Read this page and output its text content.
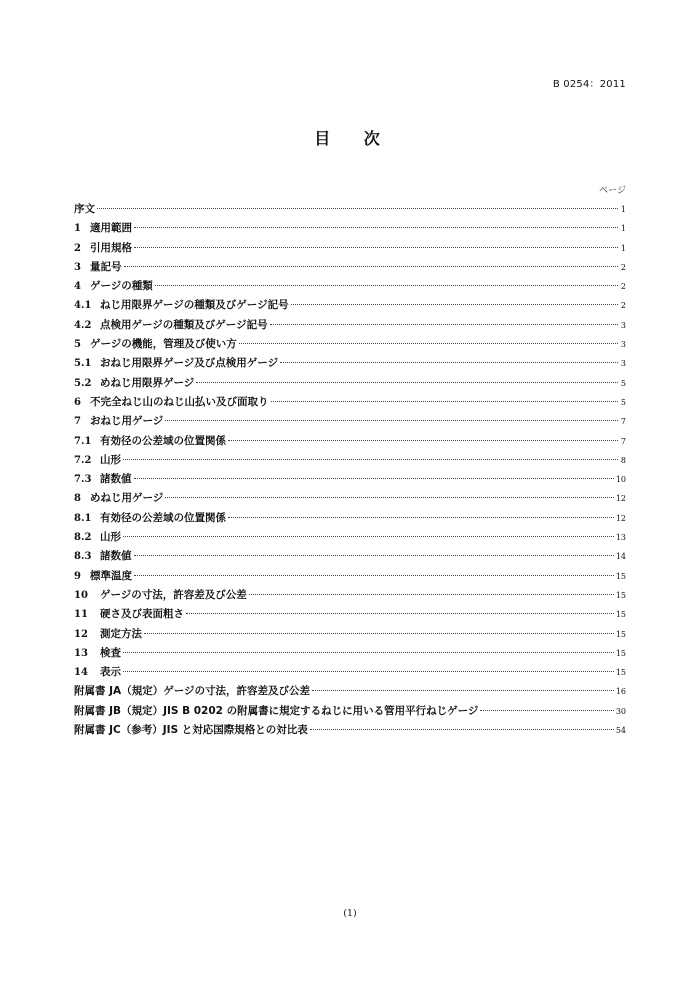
B 0254：2011
目 次
ページ
序文	1
1 適用範囲	1
2 引用規格	1
3 量記号	2
4 ゲージの種類	2
4.1 ねじ用限界ゲージの種類及びゲージ記号	2
4.2 点検用ゲージの種類及びゲージ記号	3
5 ゲージの機能，管理及び使い方	3
5.1 おねじ用限界ゲージ及び点検用ゲージ	3
5.2 めねじ用限界ゲージ	5
6 不完全ねじ山のねじ山払い及び面取り	5
7 おねじ用ゲージ	7
7.1 有効径の公差域の位置関係	7
7.2 山形	8
7.3 諸数値	10
8 めねじ用ゲージ	12
8.1 有効径の公差域の位置関係	12
8.2 山形	13
8.3 諸数値	14
9 標準温度	15
10	ゲージの寸法，許容差及び公差	15
11	硬さ及び表面粗さ	15
12	測定方法	15
13	検査	15
14	表示	15
附属書 JA（規定）ゲージの寸法，許容差及び公差	16
附属書 JB（規定）JIS B 0202 の附属書に規定するねじに用いる管用平行ねじゲージ	30
附属書 JC（参考）JIS と対応国際規格との対比表	54
(1)
